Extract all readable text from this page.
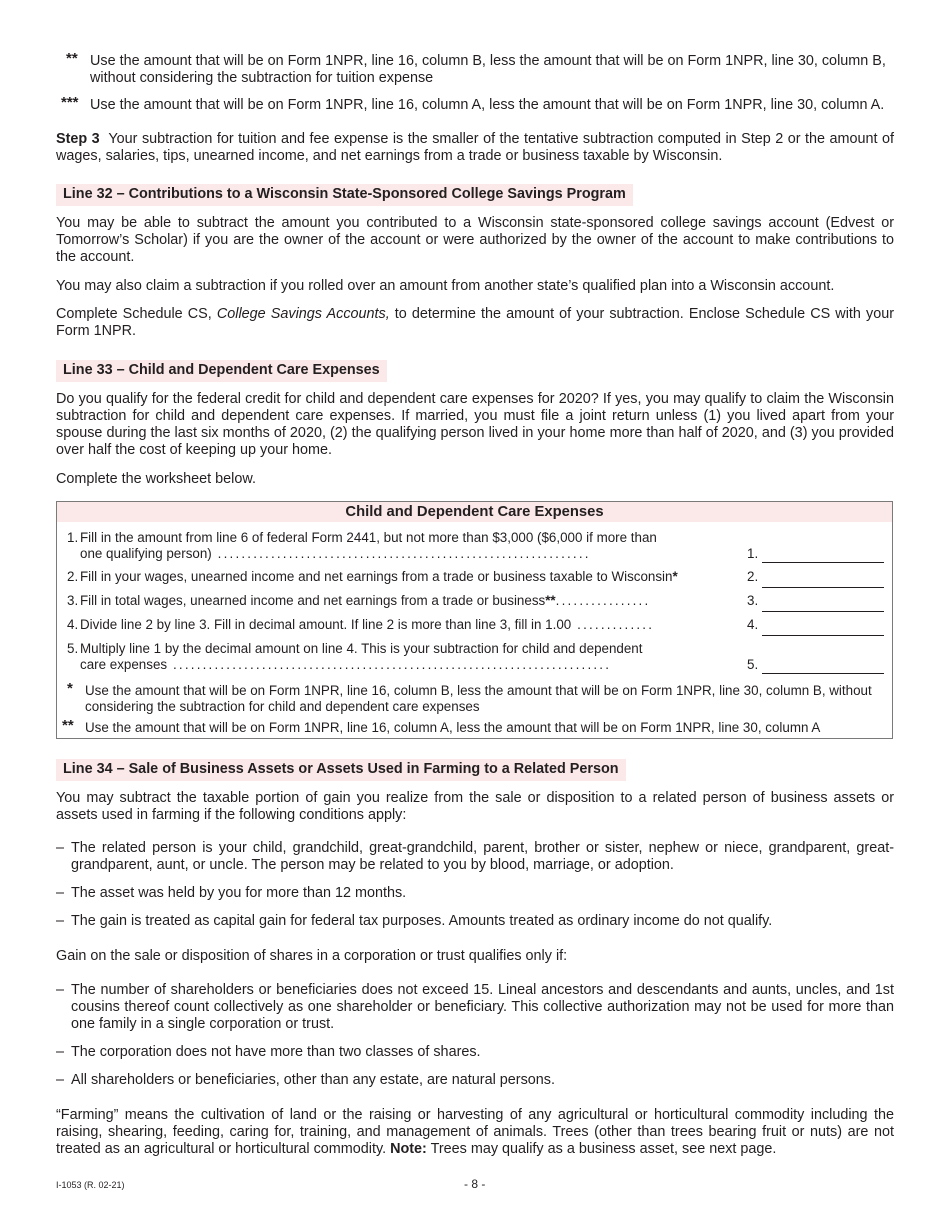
** Use the amount that will be on Form 1NPR, line 16, column B, less the amount that will be on Form 1NPR, line 30, column B, without considering the subtraction for tuition expense
*** Use the amount that will be on Form 1NPR, line 16, column A, less the amount that will be on Form 1NPR, line 30, column A.
Step 3 Your subtraction for tuition and fee expense is the smaller of the tentative subtraction computed in Step 2 or the amount of wages, salaries, tips, unearned income, and net earnings from a trade or business taxable by Wisconsin.
Line 32 – Contributions to a Wisconsin State-Sponsored College Savings Program
You may be able to subtract the amount you contributed to a Wisconsin state-sponsored college savings account (Edvest or Tomorrow’s Scholar) if you are the owner of the account or were authorized by the owner of the account to make contributions to the account.
You may also claim a subtraction if you rolled over an amount from another state’s qualified plan into a Wisconsin account.
Complete Schedule CS, College Savings Accounts, to determine the amount of your subtraction. Enclose Schedule CS with your Form 1NPR.
Line 33 – Child and Dependent Care Expenses
Do you qualify for the federal credit for child and dependent care expenses for 2020? If yes, you may qualify to claim the Wisconsin subtraction for child and dependent care expenses. If married, you must file a joint return unless (1) you lived apart from your spouse during the last six months of 2020, (2) the qualifying person lived in your home more than half of 2020, and (3) you provided over half the cost of keeping up your home.
Complete the worksheet below.
Child and Dependent Care Expenses
1. Fill in the amount from line 6 of federal Form 2441, but not more than $3,000 ($6,000 if more than
one qualifying person) ...............................................................	1.
2. Fill in your wages, unearned income and net earnings from a trade or business taxable to Wisconsin*	2.
3. Fill in total wages, unearned income and net earnings from a trade or business**................	3.
4. Divide line 2 by line 3. Fill in decimal amount. If line 2 is more than line 3, fill in 1.00 .............	4.
5. Multiply line 1 by the decimal amount on line 4. This is your subtraction for child and dependent
care expenses ..........................................................................	5.
* Use the amount that will be on Form 1NPR, line 16, column B, less the amount that will be on Form 1NPR, line 30, column B, without considering the subtraction for child and dependent care expenses
** Use the amount that will be on Form 1NPR, line 16, column A, less the amount that will be on Form 1NPR, line 30, column A
Line 34 – Sale of Business Assets or Assets Used in Farming to a Related Person
You may subtract the taxable portion of gain you realize from the sale or disposition to a related person of business assets or assets used in farming if the following conditions apply:
– The related person is your child, grandchild, great-grandchild, parent, brother or sister, nephew or niece, grandparent, great-grandparent, aunt, or uncle. The person may be related to you by blood, marriage, or adoption.
– The asset was held by you for more than 12 months.
– The gain is treated as capital gain for federal tax purposes. Amounts treated as ordinary income do not qualify.
Gain on the sale or disposition of shares in a corporation or trust qualifies only if:
– The number of shareholders or beneficiaries does not exceed 15. Lineal ancestors and descendants and aunts, uncles, and 1st cousins thereof count collectively as one shareholder or beneficiary. This collective authorization may not be used for more than one family in a single corporation or trust.
– The corporation does not have more than two classes of shares.
– All shareholders or beneficiaries, other than any estate, are natural persons.
“Farming” means the cultivation of land or the raising or harvesting of any agricultural or horticultural commodity including the raising, shearing, feeding, caring for, training, and management of animals. Trees (other than trees bearing fruit or nuts) are not treated as an agricultural or horticultural commodity. Note: Trees may qualify as a business asset, see next page.
I-1053 (R. 02-21)	- 8 -
